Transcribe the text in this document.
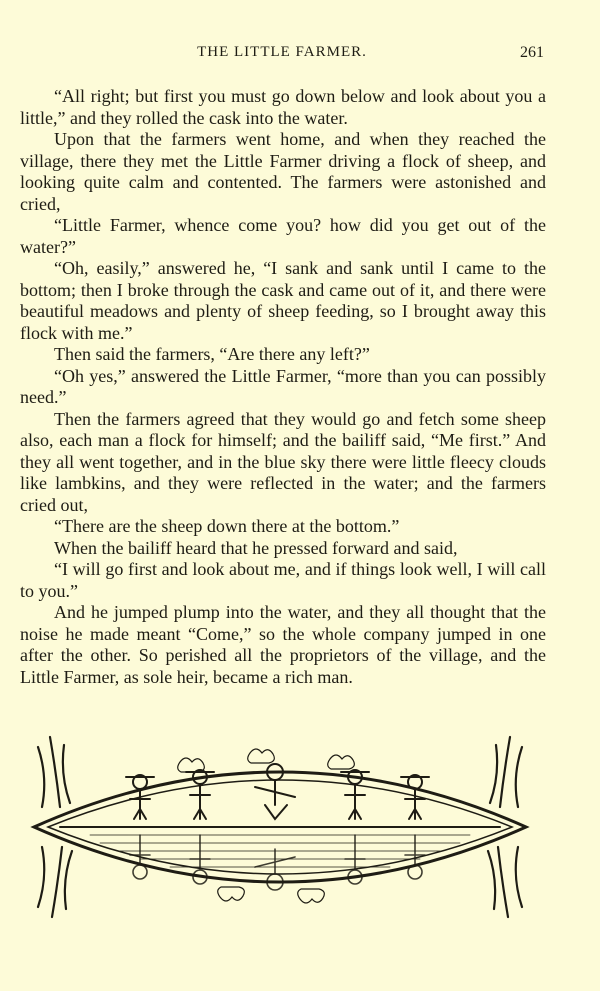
THE LITTLE FARMER.	261

“All right; but first you must go down below and look about you a little,” and they rolled the cask into the water.

Upon that the farmers went home, and when they reached the village, there they met the Little Farmer driving a flock of sheep, and looking quite calm and contented. The farmers were astonished and cried,

“Little Farmer, whence come you? how did you get out of the water?”

“Oh, easily,” answered he, “I sank and sank until I came to the bottom; then I broke through the cask and came out of it, and there were beautiful meadows and plenty of sheep feeding, so I brought away this flock with me.”

Then said the farmers, “Are there any left?”

“Oh yes,” answered the Little Farmer, “more than you can possibly need.”

Then the farmers agreed that they would go and fetch some sheep also, each man a flock for himself; and the bailiff said, “Me first.” And they all went together, and in the blue sky there were little fleecy clouds like lambkins, and they were reflected in the water; and the farmers cried out,

“There are the sheep down there at the bottom.”

When the bailiff heard that he pressed forward and said,

“I will go first and look about me, and if things look well, I will call to you.”

And he jumped plump into the water, and they all thought that the noise he made meant “Come,” so the whole company jumped in one after the other. So perished all the proprietors of the village, and the Little Farmer, as sole heir, became a rich man.
